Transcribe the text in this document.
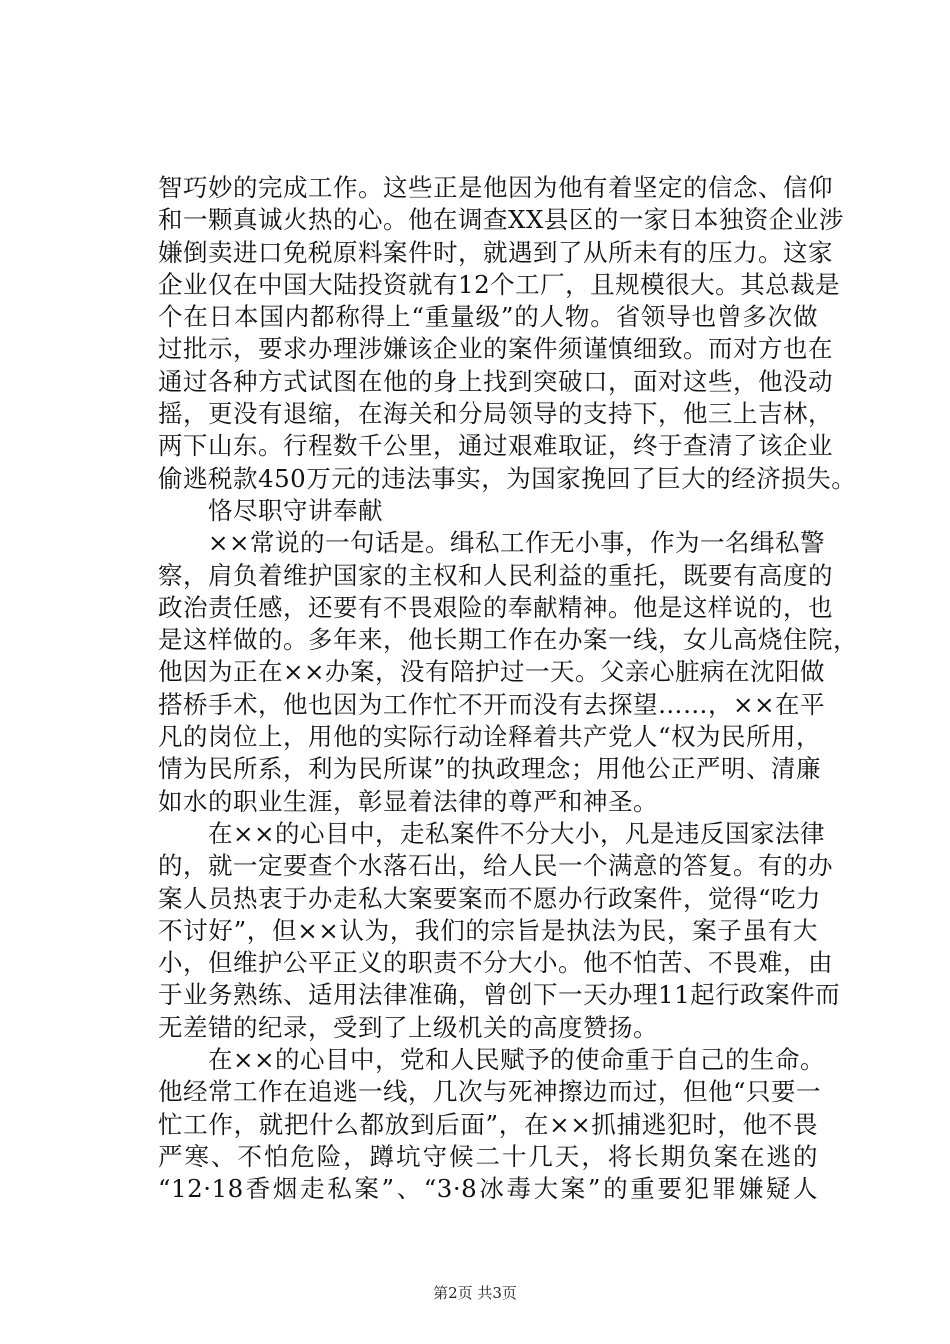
智巧妙的完成工作。这些正是他因为他有着坚定的信念、信仰
和一颗真诚火热的心。他在调查XX县区的一家日本独资企业涉
嫌倒卖进口免税原料案件时，就遇到了从所未有的压力。这家
企业仅在中国大陆投资就有12个工厂，且规模很大。其总裁是
个在日本国内都称得上“重量级”的人物。省领导也曾多次做
过批示，要求办理涉嫌该企业的案件须谨慎细致。而对方也在
通过各种方式试图在他的身上找到突破口，面对这些，他没动
摇，更没有退缩，在海关和分局领导的支持下，他三上吉林，
两下山东。行程数千公里，通过艰难取证，终于查清了该企业
偷逃税款450万元的违法事实，为国家挽回了巨大的经济损失。
　　恪尽职守讲奉献
　　××常说的一句话是。缉私工作无小事，作为一名缉私警
察，肩负着维护国家的主权和人民利益的重托，既要有高度的
政治责任感，还要有不畏艰险的奉献精神。他是这样说的，也
是这样做的。多年来，他长期工作在办案一线，女儿高烧住院，
他因为正在××办案，没有陪护过一天。父亲心脏病在沈阳做
搭桥手术，他也因为工作忙不开而没有去探望……，××在平
凡的岗位上，用他的实际行动诠释着共产党人“权为民所用，
情为民所系，利为民所谋”的执政理念；用他公正严明、清廉
如水的职业生涯，彰显着法律的尊严和神圣。
　　在××的心目中，走私案件不分大小，凡是违反国家法律
的，就一定要查个水落石出，给人民一个满意的答复。有的办
案人员热衷于办走私大案要案而不愿办行政案件，觉得“吃力
不讨好”，但××认为，我们的宗旨是执法为民，案子虽有大
小，但维护公平正义的职责不分大小。他不怕苦、不畏难，由
于业务熟练、适用法律准确，曾创下一天办理11起行政案件而
无差错的纪录，受到了上级机关的高度赞扬。
　　在××的心目中，党和人民赋予的使命重于自己的生命。
他经常工作在追逃一线，几次与死神擦边而过，但他“只要一
忙工作，就把什么都放到后面”，在××抓捕逃犯时，他不畏
严寒、不怕危险，蹲坑守候二十几天，将长期负案在逃的
“12·18香烟走私案”、“3·8冰毒大案”的重要犯罪嫌疑人
第2页 共3页
